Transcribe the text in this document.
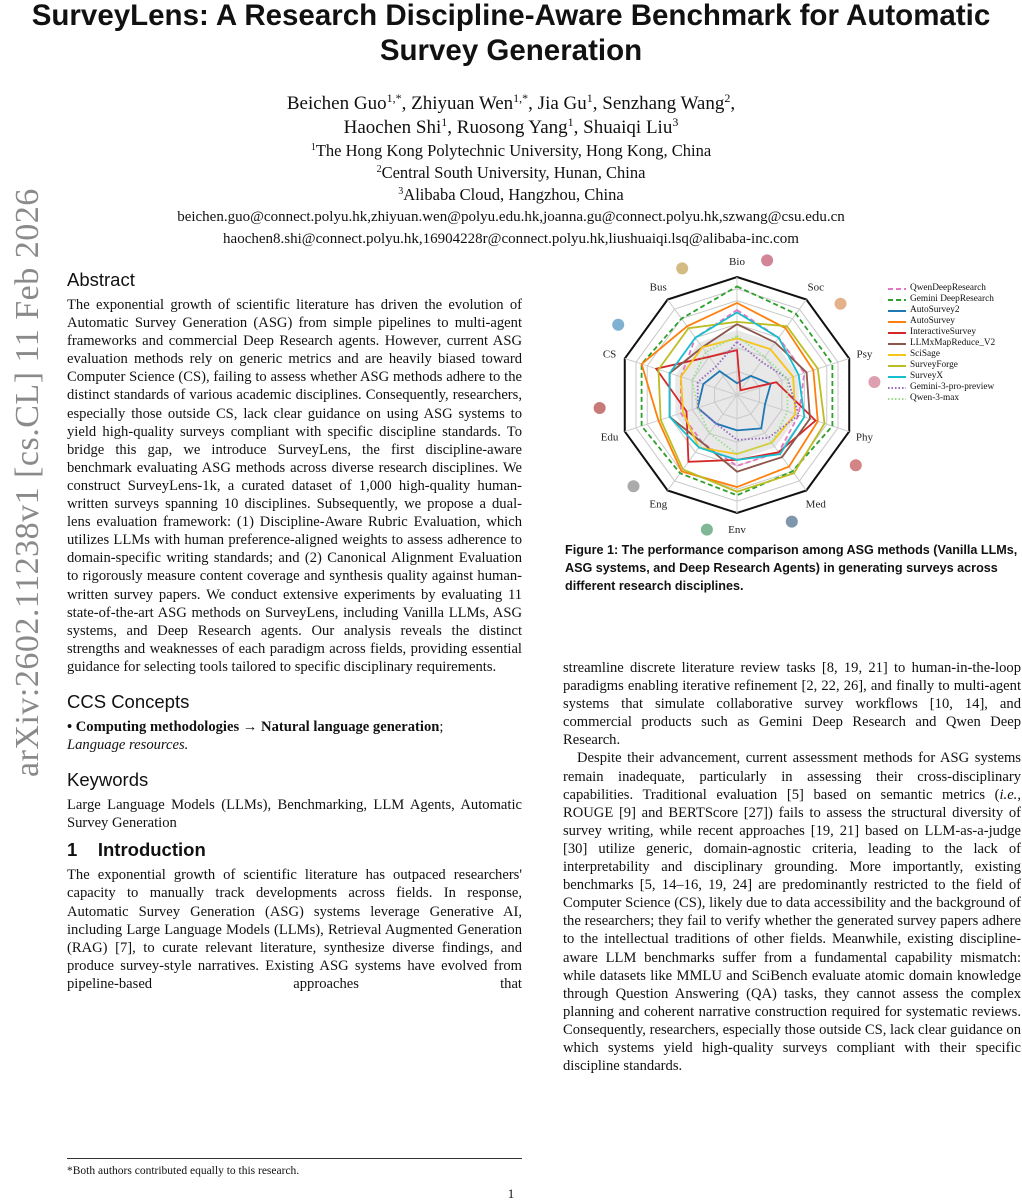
SurveyLens: A Research Discipline-Aware Benchmark for Automatic Survey Generation
Beichen Guo$^{1,*}$, Zhiyuan Wen$^{1,*}$, Jia Gu$^1$, Senzhang Wang$^2$,
Haochen Shi$^1$, Ruosong Yang$^1$, Shuaiqi Liu$^3$
$^1$The Hong Kong Polytechnic University, Hong Kong, China
$^2$Central South University, Hunan, China
$^3$Alibaba Cloud, Hangzhou, China
beichen.guo@connect.polyu.hk,zhiyuan.wen@polyu.edu.hk,joanna.gu@connect.polyu.hk,szwang@csu.edu.cn
haochen8.shi@connect.polyu.hk,16904228r@connect.polyu.hk,liushuaiqi.lsq@alibaba-inc.com
arXiv:2602.11238v1 [cs.CL] 11 Feb 2026 Abstract

The exponential growth of scientific literature has driven the evolution of Automatic Survey Generation (ASG) from simple pipelines to multi-agent frameworks and commercial Deep Research agents. However, current ASG evaluation methods rely on generic metrics and are heavily biased toward Computer Science (CS), failing to assess whether ASG methods adhere to the distinct standards of various academic disciplines. Consequently, researchers, especially those outside CS, lack clear guidance on using ASG systems to yield high-quality surveys compliant with specific discipline standards. To bridge this gap, we introduce SurveyLens, the first discipline-aware benchmark evaluating ASG methods across diverse research disciplines. We construct SurveyLens-1k, a curated dataset of 1,000 high-quality human-written surveys spanning 10 disciplines. Subsequently, we propose a dual-lens evaluation framework: (1) Discipline-Aware Rubric Evaluation, which utilizes LLMs with human preference-aligned weights to assess adherence to domain-specific writing standards; and (2) Canonical Alignment Evaluation to rigorously measure content coverage and synthesis quality against human-written survey papers. We conduct extensive experiments by evaluating 11 state-of-the-art ASG methods on SurveyLens, including Vanilla LLMs, ASG systems, and Deep Research agents. Our analysis reveals the distinct strengths and weaknesses of each paradigm across fields, providing essential guidance for selecting tools tailored to specific disciplinary requirements.

CCS Concepts

• Computing methodologies → Natural language generation;
Language resources.

Keywords

Large Language Models (LLMs), Benchmarking, LLM Agents, Automatic Survey Generation

1    Introduction

The exponential growth of scientific literature has outpaced researchers' capacity to manually track developments across fields. In response, Automatic Survey Generation (ASG) systems leverage Generative AI, including Large Language Models (LLMs), Retrieval Augmented Generation (RAG) [7], to curate relevant literature, synthesize diverse findings, and produce survey-style narratives. Existing ASG systems have evolved from pipeline-based approaches that

*Both authors contributed equally to this research.
Bio
Soc
Psy
Phy
Med
Env
Eng
Edu
CS
Bus	QwenDeepResearch
Gemini DeepResearch
AutoSurvey2
AutoSurvey
InteractiveSurvey
LLMxMapReduce_V2
SciSage
SurveyForge
SurveyX
Gemini-3-pro-preview
Qwen-3-max
Figure 1: The performance comparison among ASG methods (Vanilla LLMs, ASG systems, and Deep Research Agents) in generating surveys across different research disciplines.

streamline discrete literature review tasks [8, 19, 21] to human-in-the-loop paradigms enabling iterative refinement [2, 22, 26], and finally to multi-agent systems that simulate collaborative survey workflows [10, 14], and commercial products such as Gemini Deep Research and Qwen Deep Research.

Despite their advancement, current assessment methods for ASG systems remain inadequate, particularly in assessing their cross-disciplinary capabilities. Traditional evaluation [5] based on semantic metrics (i.e., ROUGE [9] and BERTScore [27]) fails to assess the structural diversity of survey writing, while recent approaches [19, 21] based on LLM-as-a-judge [30] utilize generic, domain-agnostic criteria, leading to the lack of interpretability and disciplinary grounding. More importantly, existing benchmarks [5, 14–16, 19, 24] are predominantly restricted to the field of Computer Science (CS), likely due to data accessibility and the background of the researchers; they fail to verify whether the generated survey papers adhere to the intellectual traditions of other fields. Meanwhile, existing discipline-aware LLM benchmarks suffer from a fundamental capability mismatch: while datasets like MMLU and SciBench evaluate atomic domain knowledge through Question Answering (QA) tasks, they cannot assess the complex planning and coherent narrative construction required for systematic reviews. Consequently, researchers, especially those outside CS, lack clear guidance on which systems yield high-quality surveys compliant with their specific discipline standards.

1
